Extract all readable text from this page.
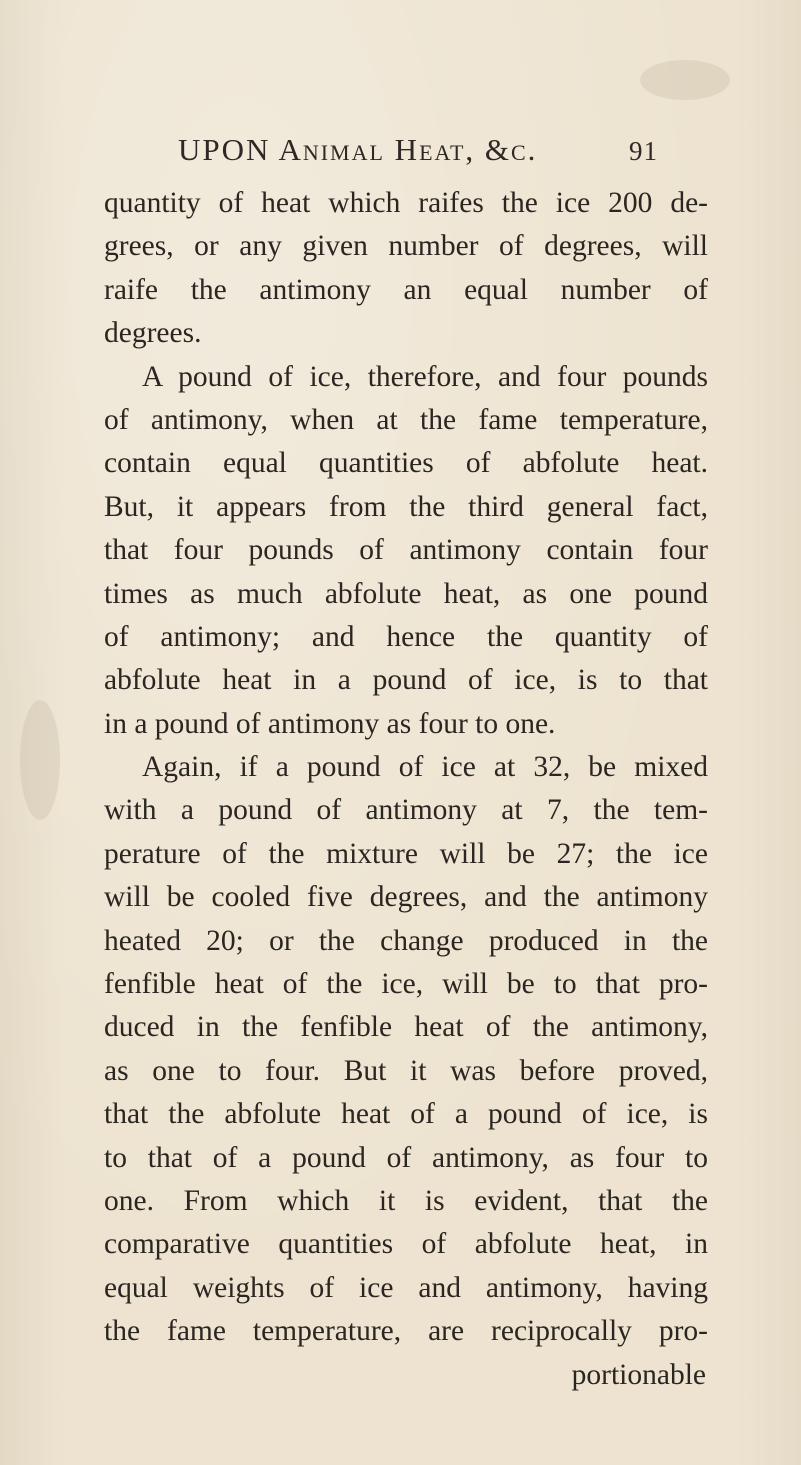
UPON Animal Heat, &c.	91
quantity of heat which raifes the ice 200 de-
grees, or any given number of degrees, will
raife the antimony an equal number of
degrees.
A pound of ice, therefore, and four pounds
of antimony, when at the fame temperature,
contain equal quantities of abfolute heat.
But, it appears from the third general fact,
that four pounds of antimony contain four
times as much abfolute heat, as one pound
of antimony; and hence the quantity of
abfolute heat in a pound of ice, is to that
in a pound of antimony as four to one.
Again, if a pound of ice at 32, be mixed
with a pound of antimony at 7, the tem-
perature of the mixture will be 27; the ice
will be cooled five degrees, and the antimony
heated 20; or the change produced in the
fenfible heat of the ice, will be to that pro-
duced in the fenfible heat of the antimony,
as one to four. But it was before proved,
that the abfolute heat of a pound of ice, is
to that of a pound of antimony, as four to
one. From which it is evident, that the
comparative quantities of abfolute heat, in
equal weights of ice and antimony, having
the fame temperature, are reciprocally pro-
portionable
